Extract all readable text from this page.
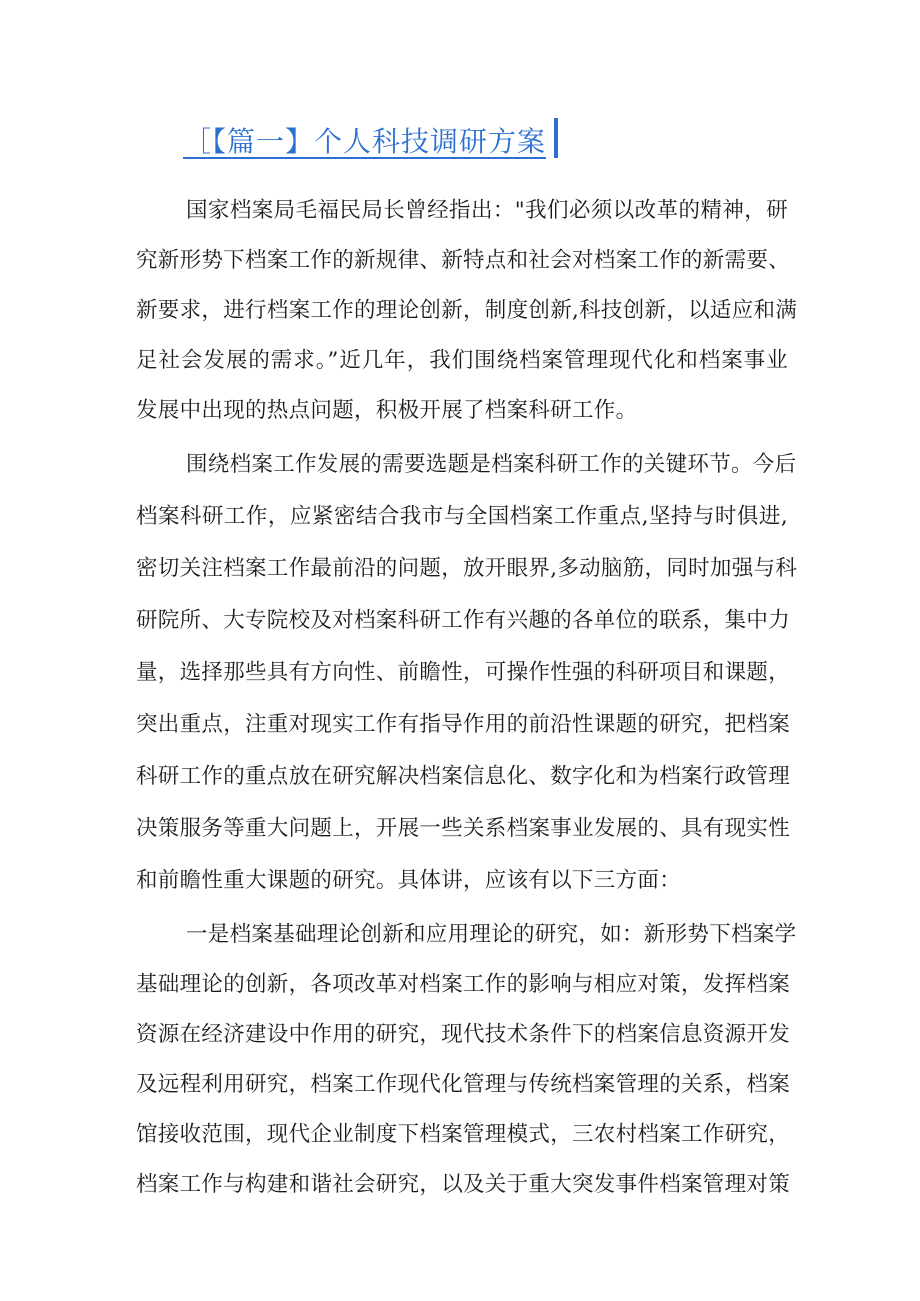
［【篇一】个人科技调研方案
国家档案局毛福民局长曾经指出："我们必须以改革的精神，研
究新形势下档案工作的新规律、新特点和社会对档案工作的新需要、
新要求，进行档案工作的理论创新，制度创新,科技创新，以适应和满
足社会发展的需求。”近几年，我们围绕档案管理现代化和档案事业
发展中出现的热点问题，积极开展了档案科研工作。
围绕档案工作发展的需要选题是档案科研工作的关键环节。今后
档案科研工作，应紧密结合我市与全国档案工作重点,坚持与时俱进,
密切关注档案工作最前沿的问题，放开眼界,多动脑筋，同时加强与科
研院所、大专院校及对档案科研工作有兴趣的各单位的联系，集中力
量，选择那些具有方向性、前瞻性，可操作性强的科研项目和课题，
突出重点，注重对现实工作有指导作用的前沿性课题的研究，把档案
科研工作的重点放在研究解决档案信息化、数字化和为档案行政管理
决策服务等重大问题上，开展一些关系档案事业发展的、具有现实性
和前瞻性重大课题的研究。具体讲，应该有以下三方面：
一是档案基础理论创新和应用理论的研究，如：新形势下档案学
基础理论的创新，各项改革对档案工作的影响与相应对策，发挥档案
资源在经济建设中作用的研究，现代技术条件下的档案信息资源开发
及远程利用研究，档案工作现代化管理与传统档案管理的关系，档案
馆接收范围，现代企业制度下档案管理模式，三农村档案工作研究，
档案工作与构建和谐社会研究，以及关于重大突发事件档案管理对策
